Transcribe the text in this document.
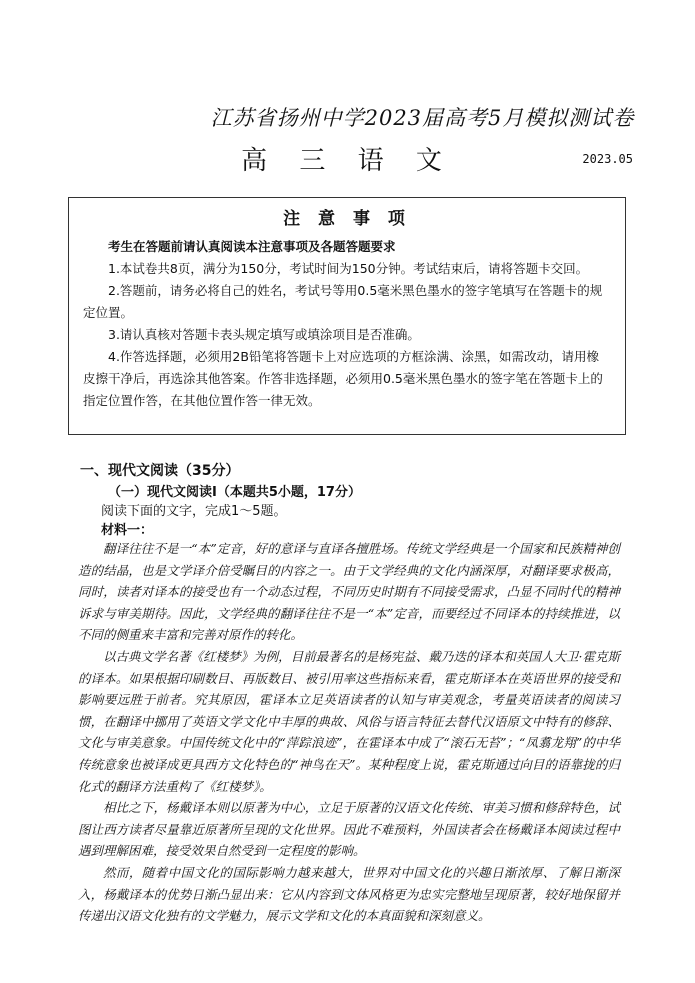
江苏省扬州中学2023届高考5月模拟测试卷
高 三 语 文	2023.05
注 意 事 项

考生在答题前请认真阅读本注意事项及各题答题要求

1.本试卷共8页，满分为150分，考试时间为150分钟。考试结束后，请将答题卡交回。

2.答题前，请务必将自己的姓名，考试号等用0.5毫米黑色墨水的签字笔填写在答题卡的规定位置。

3.请认真核对答题卡表头规定填写或填涂项目是否准确。

4.作答选择题，必须用2B铅笔将答题卡上对应选项的方框涂满、涂黑，如需改动，请用橡皮擦干净后，再选涂其他答案。作答非选择题，必须用0.5毫米黑色墨水的签字笔在答题卡上的指定位置作答，在其他位置作答一律无效。

一、现代文阅读（35分）
（一）现代文阅读Ⅰ（本题共5小题，17分）
阅读下面的文字，完成1～5题。
材料一：

翻译往往不是一“本”定音，好的意译与直译各擅胜场。传统文学经典是一个国家和民族精神创造的结晶，也是文学译介倍受瞩目的内容之一。由于文学经典的文化内涵深厚，对翻译要求极高，同时，读者对译本的接受也有一个动态过程，不同历史时期有不同接受需求，凸显不同时代的精神诉求与审美期待。因此，文学经典的翻译往往不是一“本”定音，而要经过不同译本的持续推进，以不同的侧重来丰富和完善对原作的转化。

以古典文学名著《红楼梦》为例，目前最著名的是杨宪益、戴乃迭的译本和英国人大卫·霍克斯的译本。如果根据印刷数目、再版数目、被引用率这些指标来看，霍克斯译本在英语世界的接受和影响要远胜于前者。究其原因，霍译本立足英语读者的认知与审美观念，考量英语读者的阅读习惯，在翻译中挪用了英语文学文化中丰厚的典故、风俗与语言特征去替代汉语原文中特有的修辞、文化与审美意象。中国传统文化中的“萍踪浪迹”，在霍译本中成了“滚石无苔”；“凤翥龙翔”的中华传统意象也被译成更具西方文化特色的“神鸟在天”。某种程度上说，霍克斯通过向目的语靠拢的归化式的翻译方法重构了《红楼梦》。

相比之下，杨戴译本则以原著为中心，立足于原著的汉语文化传统、审美习惯和修辞特色，试图让西方读者尽量靠近原著所呈现的文化世界。因此不难预料，外国读者会在杨戴译本阅读过程中遇到理解困难，接受效果自然受到一定程度的影响。

然而，随着中国文化的国际影响力越来越大，世界对中国文化的兴趣日渐浓厚、了解日渐深入，杨戴译本的优势日渐凸显出来：它从内容到文体风格更为忠实完整地呈现原著，较好地保留并传递出汉语文化独有的文学魅力，展示文学和文化的本真面貌和深刻意义。
